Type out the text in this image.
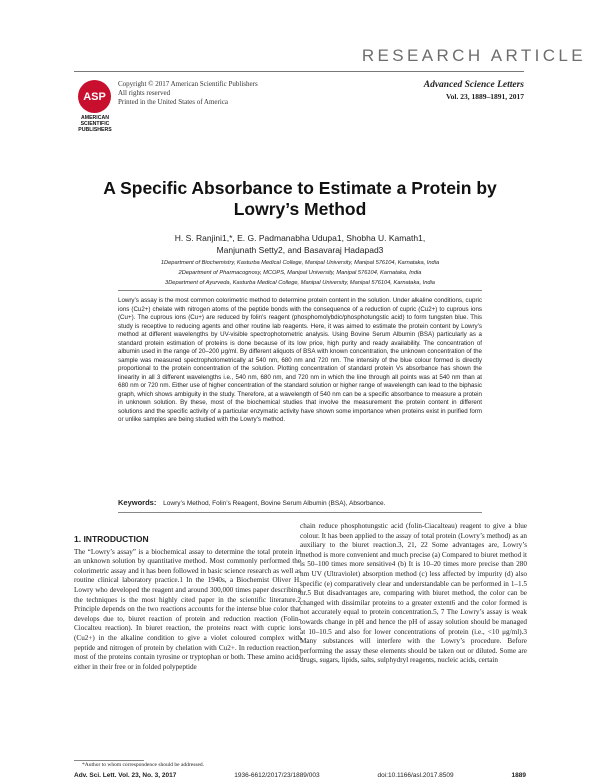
RESEARCH ARTICLE
ASP
AMERICAN SCIENTIFIC PUBLISHERS
Copyright © 2017 American Scientific Publishers
All rights reserved
Printed in the United States of America
Advanced Science Letters
Vol. 23, 1889–1891, 2017
A Specific Absorbance to Estimate a Protein by Lowry’s Method
H. S. Ranjini1,*, E. G. Padmanabha Udupa1, Shobha U. Kamath1,
Manjunath Setty2, and Basavaraj Hadapad3
1Department of Biochemistry, Kasturba Medical College, Manipal University, Manipal 576104, Karnataka, India
2Department of Pharmacognosy, MCOPS, Manipal University, Manipal 576104, Karnataka, India
3Department of Ayurveda, Kasturba Medical College, Manipal University, Manipal 576104, Karnataka, India
Lowry’s assay is the most common colorimetric method to determine protein content in the solution. Under alkaline conditions, cupric ions (Cu2+) chelate with nitrogen atoms of the peptide bonds with the consequence of a reduction of cupric (Cu2+) to cuprous ions (Cu+). The cuprous ions (Cu+) are reduced by folin’s reagent (phosphomolybdic/phosphotungstic acid) to form tungsten blue. This study is receptive to reducing agents and other routine lab reagents. Here, it was aimed to estimate the protein content by Lowry’s method at different wavelengths by UV-visible spectrophotometric analysis. Using Bovine Serum Albumin (BSA) particularly as a standard protein estimation of proteins is done because of its low price, high purity and ready availability. The concentration of albumin used in the range of 20–200 μg/ml. By different aliquots of BSA with known concentration, the unknown concentration of the sample was measured spectrophotometrically at 540 nm, 680 nm and 720 nm. The intensity of the blue colour formed is directly proportional to the protein concentration of the solution. Plotting concentration of standard protein Vs absorbance has shown the linearity in all 3 different wavelengths i.e., 540 nm, 680 nm, and 720 nm in which the line through all points was at 540 nm than at 680 nm or 720 nm. Either use of higher concentration of the standard solution or higher range of wavelength can lead to the biphasic graph, which shows ambiguity in the study. Therefore, at a wavelength of 540 nm can be a specific absorbance to measure a protein in unknown solution. By these, most of the biochemical studies that involve the measurement the protein content in different solutions and the specific activity of a particular enzymatic activity have shown some importance when proteins exist in purified form or unlike samples are being studied with the Lowry’s method.
Keywords: Lowry’s Method, Folin’s Reagent, Bovine Serum Albumin (BSA), Absorbance.
1. INTRODUCTION
The “Lowry’s assay” is a biochemical assay to determine the total protein in an unknown solution by quantitative method. Most commonly performed the colorimetric assay and it has been followed in basic science research as well as routine clinical laboratory practice.1 In the 1940s, a Biochemist Oliver H. Lowry who developed the reagent and around 300,000 times paper describing the techniques is the most highly cited paper in the scientific literature.2 Principle depends on the two reactions accounts for the intense blue color that develops due to, biuret reaction of protein and reduction reaction (Folin-Ciocalteu reaction). In biuret reaction, the proteins react with cupric ions (Cu2+) in the alkaline condition to give a violet coloured complex with peptide and nitrogen of protein by chelation with Cu2+. In reduction reaction, most of the proteins contain tyrosine or tryptophan or both. These amino acids either in their free or in folded polypeptide
chain reduce phosphotungstic acid (folin-Ciacalteau) reagent to give a blue colour. It has been applied to the assay of total protein (Lowry’s method) as an auxiliary to the biuret reaction.3, 21, 22 Some advantages are, Lowry’s method is more convenient and much precise (a) Compared to biuret method it is 50–100 times more sensitive4 (b) It is 10–20 times more precise than 280 nm UV (Ultraviolet) absorption method (c) less affected by impurity (d) also specific (e) comparatively clear and understandable can be performed in 1–1.5 hr.5 But disadvantages are, comparing with biuret method, the color can be changed with dissimilar proteins to a greater extent6 and the color formed is not accurately equal to protein concentration.5, 7 The Lowry’s assay is weak towards change in pH and hence the pH of assay solution should be managed at 10–10.5 and also for lower concentrations of protein (i.e., <10 μg/ml).3 Many substances will interfere with the Lowry’s procedure. Before performing the assay these elements should be taken out or diluted. Some are drugs, sugars, lipids, salts, sulphydryl reagents, nucleic acids, certain
*Author to whom correspondence should be addressed.
Adv. Sci. Lett. Vol. 23, No. 3, 2017	1936-6612/2017/23/1889/003	doi:10.1166/asl.2017.8509	1889
